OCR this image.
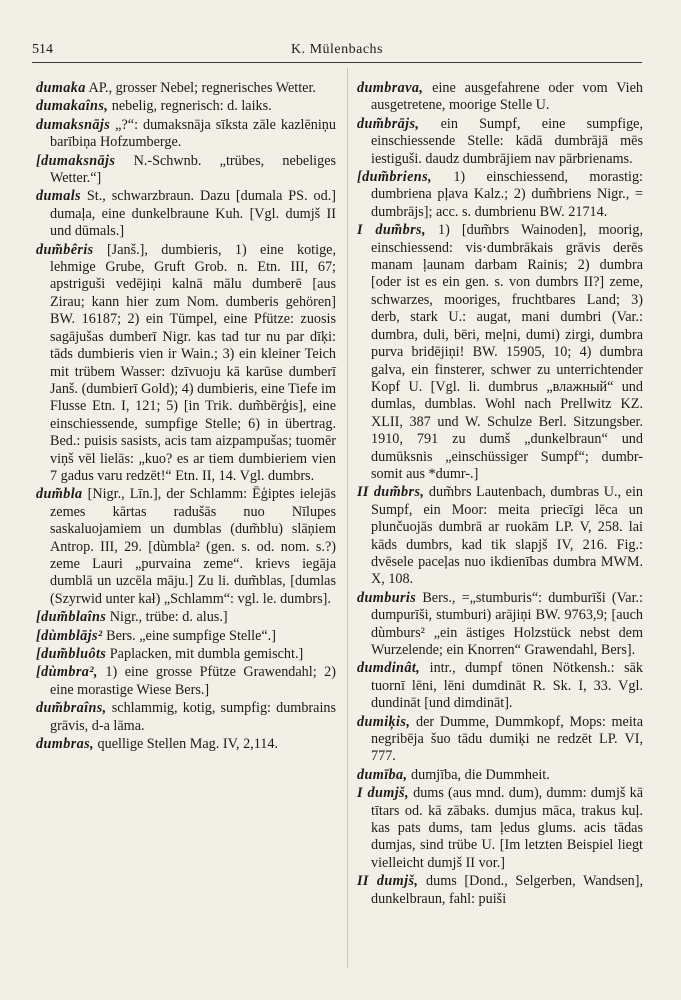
514	K. Mülenbachs

dumaka AP., grosser Nebel; regnerisches Wetter.

dumakaîns, nebelig, regnerisch: d. laiks.

dumaksnājs „?“: dumaksnāja sīksta zāle kazlēniņu barībiņa Hofzumberge.

[dumaksnājs N.-Schwnb. „trübes, nebeliges Wetter.“]

dumals St., schwarzbraun. Dazu [dumala PS. od.] dumaļa, eine dunkelbraune Kuh. [Vgl. dumjš II und dūmals.]

dum̃bêris [Janš.], dumbieris, 1) eine kotige, lehmige Grube, Gruft Grob. n. Etn. III, 67; apstriguši vedējiņi kalnā mālu dumberē [aus Zirau; kann hier zum Nom. dumberis gehören] BW. 16187; 2) ein Tümpel, eine Pfütze: zuosis sagājušas dumberī Nigr. kas tad tur nu par dīķi: tāds dumbieris vien ir Wain.; 3) ein kleiner Teich mit trübem Wasser: dzīvuoju kā karūse dumberī Janš. (dumbierī Gold); 4) dumbieris, eine Tiefe im Flusse Etn. I, 121; 5) [in Trik. dum̃bērģis], eine einschiessende, sumpfige Stelle; 6) in übertrag. Bed.: puisis sasists, acis tam aizpampušas; tuomēr viņš vēl lielās: „kuo? es ar tiem dumbieriem vien 7 gadus varu redzēt!“ Etn. II, 14. Vgl. dumbrs.

dum̃bla [Nigr., Līn.], der Schlamm: Ēģiptes ielejās zemes kārtas radušās nuo Nīlupes saskaluojamiem un dumblas (dum̃blu) slāņiem Antrop. III, 29. [dùmbla² (gen. s. od. nom. s.?) zeme Lauri „purvaina zeme“. krievs iegāja dumblā un uzcēla māju.] Zu li. dum̃blas, [dumlas (Szyrwid unter kał) „Schlamm“: vgl. le. dumbrs].

[dum̃blaîns Nigr., trübe: d. alus.]

[dùmblājs² Bers. „eine sumpfige Stelle“.]

[dum̃bluôts Paplacken, mit dumbla gemischt.]

[dùmbra², 1) eine grosse Pfütze Grawendahl; 2) eine morastige Wiese Bers.]

dum̃braîns, schlammig, kotig, sumpfig: dumbrains grāvis, d-a lāma.

dumbras, quellige Stellen Mag. IV, 2,114.

dumbrava, eine ausgefahrene oder vom Vieh ausgetretene, moorige Stelle U.

dum̃brājs, ein Sumpf, eine sumpfige, einschiessende Stelle: kādā dumbrājā mēs iestiguši. daudz dumbrājiem nav pārbrienams.

[dum̃briens, 1) einschiessend, morastig: dumbriena pļava Kalz.; 2) dum̃briens Nigr., = dumbrājs]; acc. s. dumbrienu BW. 21714.

I dum̃brs, 1) [dum̃brs Wainoden], moorig, einschiessend: vis·dumbrākais grāvis derēs manam ļaunam darbam Rainis; 2) dumbra [oder ist es ein gen. s. von dumbrs II?] zeme, schwarzes, mooriges, fruchtbares Land; 3) derb, stark U.: augat, mani dumbri (Var.: dumbra, duli, bēri, meļni, dumi) zirgi, dumbra purva bridējiņi! BW. 15905, 10; 4) dumbra galva, ein finsterer, schwer zu unterrichtender Kopf U. [Vgl. li. dumbrus „влажный“ und dumlas, dumblas. Wohl nach Prellwitz KZ. XLII, 387 und W. Schulze Berl. Sitzungsber. 1910, 791 zu dumš „dunkelbraun“ und dumūksnis „einschüssiger Sumpf“; dumbr- somit aus *dumr-.]

II dum̃brs, dum̃brs Lautenbach, dumbras U., ein Sumpf, ein Moor: meita priecīgi lēca un plunčuojās dumbrā ar ruokām LP. V, 258. lai kāds dumbrs, kad tik slapjš IV, 216. Fig.: dvēsele paceļas nuo ikdienības dumbra MWM. X, 108.

dumburis Bers., =„stumburis“: dumburīši (Var.: dumpurīši, stumburi) arājiņi BW. 9763,9; [auch dùmburs² „ein ästiges Holzstück nebst dem Wurzelende; ein Knorren“ Grawendahl, Bers].

dumdinât, intr., dumpf tönen Nötkensh.: sāk tuornī lēni, lēni dumdināt R. Sk. I, 33. Vgl. dundināt [und dimdināt].

dumiķis, der Dumme, Dummkopf, Mops: meita negribēja šuo tādu dumiķi ne redzēt LP. VI, 777.

dumība, dumjība, die Dummheit.

I dumjš, dums (aus mnd. dum), dumm: dumjš kā tītars od. kā zābaks. dumjus māca, trakus kuļ. kas pats dums, tam ļedus glums. acis tādas dumjas, sind trübe U. [Im letzten Beispiel liegt vielleicht dumjš II vor.]

II dumjš, dums [Dond., Selgerben, Wandsen], dunkelbraun, fahl: puiši
